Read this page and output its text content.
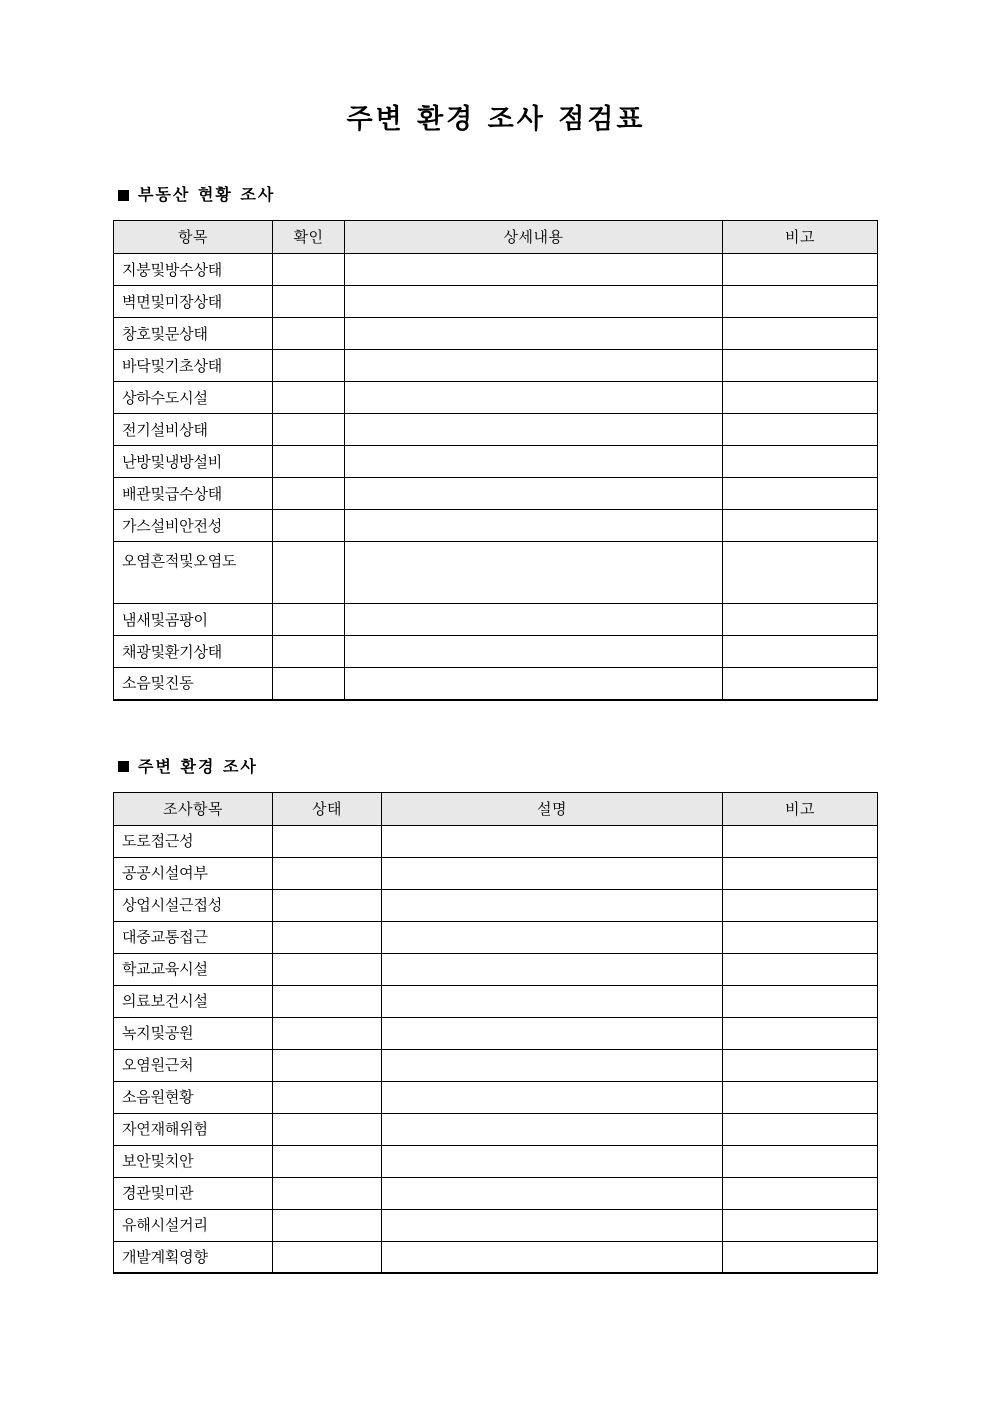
주변 환경 조사 점검표
부동산 현황 조사
항목	확인	상세내용	비고
지붕및방수상태			
벽면및미장상태			
창호및문상태			
바닥및기초상태			
상하수도시설			
전기설비상태			
난방및냉방설비			
배관및급수상태			
가스설비안전성			
오염흔적및오염도			
냄새및곰팡이			
채광및환기상태			
소음및진동			
주변 환경 조사
조사항목	상태	설명	비고
도로접근성			
공공시설여부			
상업시설근접성			
대중교통접근			
학교교육시설			
의료보건시설			
녹지및공원			
오염원근처			
소음원현황			
자연재해위험			
보안및치안			
경관및미관			
유해시설거리			
개발계획영향			
